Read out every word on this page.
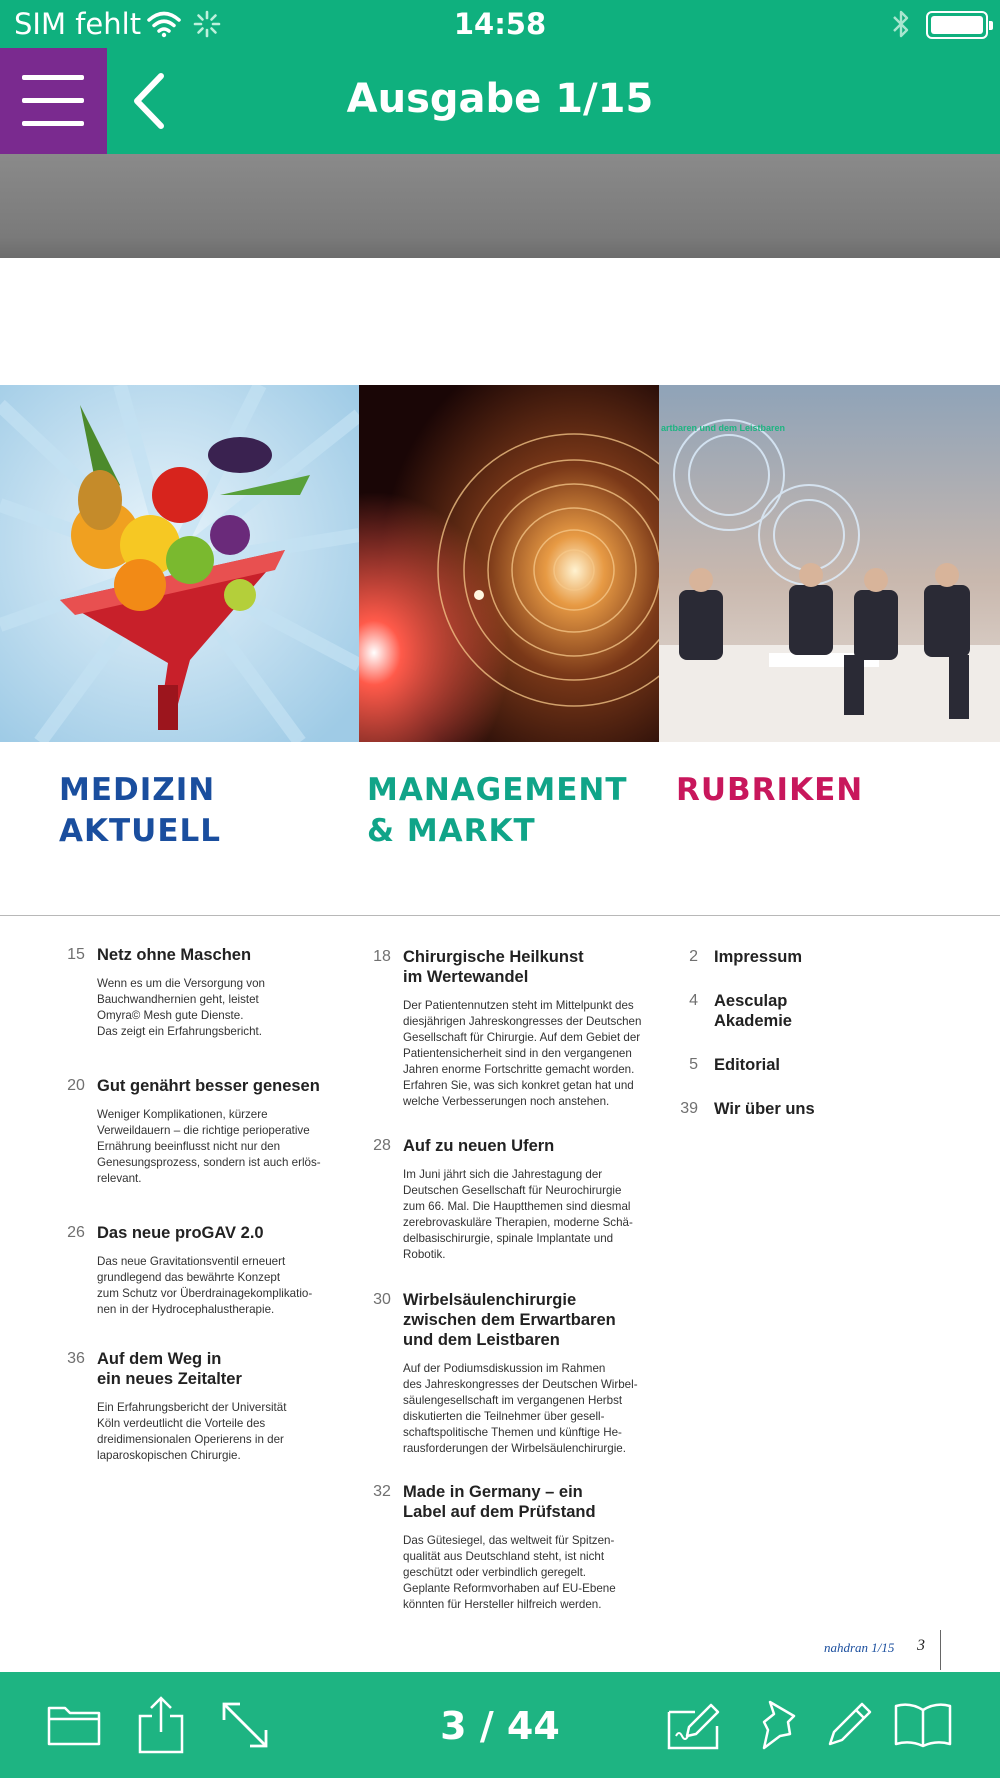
SIM fehlt	14:58
Ausgabe 1/15
artbaren und dem Leistbaren
MEDIZIN
AKTUELL
MANAGEMENT
& MARKT
RUBRIKEN
15 Netz ohne Maschen
Wenn es um die Versorgung von
Bauchwandhernien geht, leistet
Omyra© Mesh gute Dienste.
Das zeigt ein Erfahrungsbericht.
20 Gut genährt besser genesen
Weniger Komplikationen, kürzere
Verweildauern – die richtige perioperative
Ernährung beeinflusst nicht nur den
Genesungsprozess, sondern ist auch erlös-
relevant.
26 Das neue proGAV 2.0
Das neue Gravitationsventil erneuert
grundlegend das bewährte Konzept
zum Schutz vor Überdrainagekomplikatio-
nen in der Hydrocephalustherapie.
36 Auf dem Weg in ein neues Zeitalter
Ein Erfahrungsbericht der Universität
Köln verdeutlicht die Vorteile des
dreidimensionalen Operierens in der
laparoskopischen Chirurgie.
18 Chirurgische Heilkunst im Wertewandel
Der Patientennutzen steht im Mittelpunkt des
diesjährigen Jahreskongresses der Deutschen
Gesellschaft für Chirurgie. Auf dem Gebiet der
Patientensicherheit sind in den vergangenen
Jahren enorme Fortschritte gemacht worden.
Erfahren Sie, was sich konkret getan hat und
welche Verbesserungen noch anstehen.
28 Auf zu neuen Ufern
Im Juni jährt sich die Jahrestagung der
Deutschen Gesellschaft für Neurochirurgie
zum 66. Mal. Die Hauptthemen sind diesmal
zerebrovaskuläre Therapien, moderne Schä-
delbasischirurgie, spinale Implantate und
Robotik.
30 Wirbelsäulenchirurgie zwischen dem Erwartbaren und dem Leistbaren
Auf der Podiumsdiskussion im Rahmen
des Jahreskongresses der Deutschen Wirbel-
säulengesellschaft im vergangenen Herbst
diskutierten die Teilnehmer über gesell-
schaftspolitische Themen und künftige He-
rausforderungen der Wirbelsäulenchirurgie.
32 Made in Germany – ein Label auf dem Prüfstand
Das Gütesiegel, das weltweit für Spitzen-
qualität aus Deutschland steht, ist nicht
geschützt oder verbindlich geregelt.
Geplante Reformvorhaben auf EU-Ebene
könnten für Hersteller hilfreich werden.
2 Impressum
4 Aesculap
Akademie
5 Editorial
39 Wir über uns
nahdran 1/15 3
3 / 44
